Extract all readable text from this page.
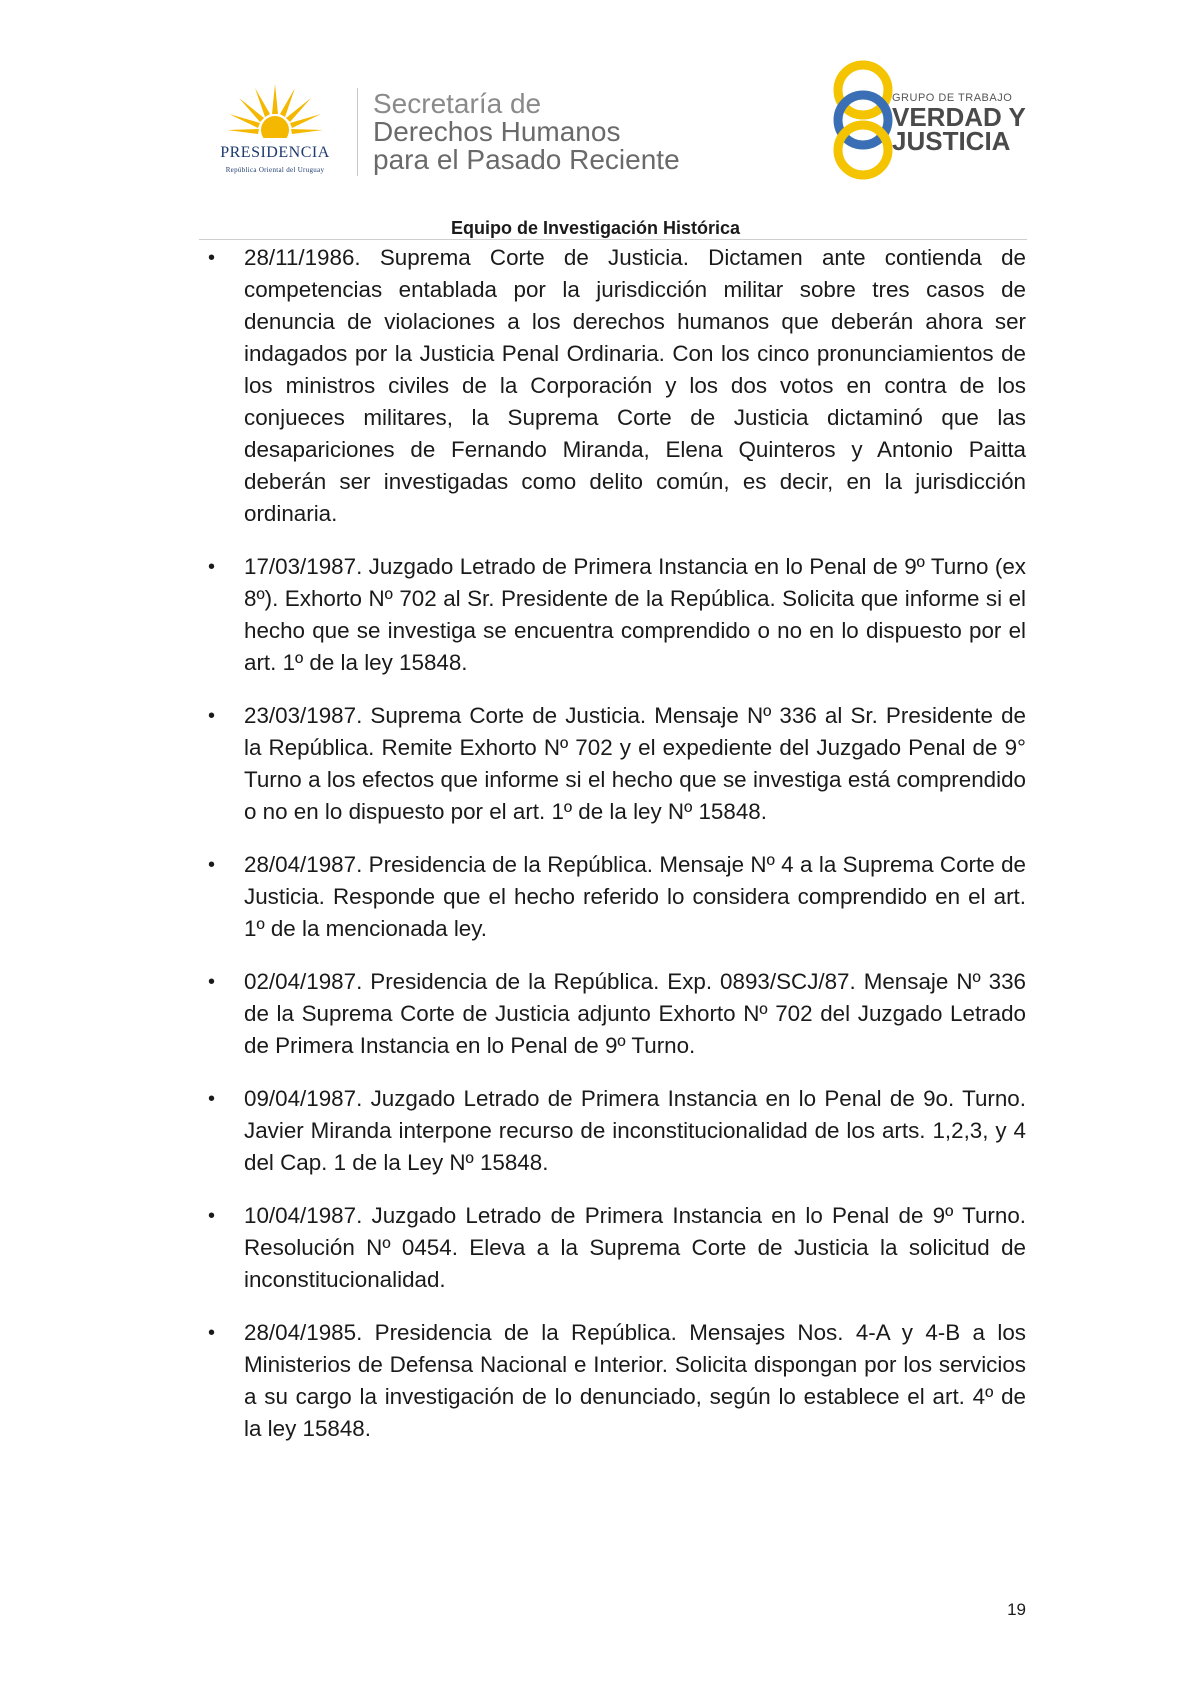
PRESIDENCIA
República Oriental del Uruguay
Secretaría de
Derechos Humanos
para el Pasado Reciente
GRUPO DE TRABAJO
VERDAD Y
JUSTICIA
Equipo de Investigación Histórica
• 28/11/1986. Suprema Corte de Justicia. Dictamen ante contienda de competencias entablada por la jurisdicción militar sobre tres casos de denuncia de violaciones a los derechos humanos que deberán ahora ser indagados por la Justicia Penal Ordinaria. Con los cinco pronunciamientos de los ministros civiles de la Corporación y los dos votos en contra de los conjueces militares, la Suprema Corte de Justicia dictaminó que las desapariciones de Fernando Miranda, Elena Quinteros y Antonio Paitta deberán ser investigadas como delito común, es decir, en la jurisdicción ordinaria.
• 17/03/1987. Juzgado Letrado de Primera Instancia en lo Penal de 9º Turno (ex 8º). Exhorto Nº 702 al Sr. Presidente de la República. Solicita que informe si el hecho que se investiga se encuentra comprendido o no en lo dispuesto por el art. 1º de la ley 15848.
• 23/03/1987. Suprema Corte de Justicia. Mensaje Nº 336 al Sr. Presidente de la República. Remite Exhorto Nº 702 y el expediente del Juzgado Penal de 9° Turno a los efectos que informe si el hecho que se investiga está comprendido o no en lo dispuesto por el art. 1º de la ley Nº 15848.
• 28/04/1987. Presidencia de la República. Mensaje Nº 4 a la Suprema Corte de Justicia. Responde que el hecho referido lo considera comprendido en el art. 1º de la mencionada ley.
• 02/04/1987. Presidencia de la República. Exp. 0893/SCJ/87. Mensaje Nº 336 de la Suprema Corte de Justicia adjunto Exhorto Nº 702 del Juzgado Letrado de Primera Instancia en lo Penal de 9º Turno.
• 09/04/1987. Juzgado Letrado de Primera Instancia en lo Penal de 9o. Turno. Javier Miranda interpone recurso de inconstitucionalidad de los arts. 1,2,3, y 4 del Cap. 1 de la Ley Nº 15848.
• 10/04/1987. Juzgado Letrado de Primera Instancia en lo Penal de 9º Turno. Resolución Nº 0454. Eleva a la Suprema Corte de Justicia la solicitud de inconstitucionalidad.
• 28/04/1985. Presidencia de la República. Mensajes Nos. 4-A y 4-B a los Ministerios de Defensa Nacional e Interior. Solicita dispongan por los servicios a su cargo la investigación de lo denunciado, según lo establece el art. 4º de la ley 15848.
19
